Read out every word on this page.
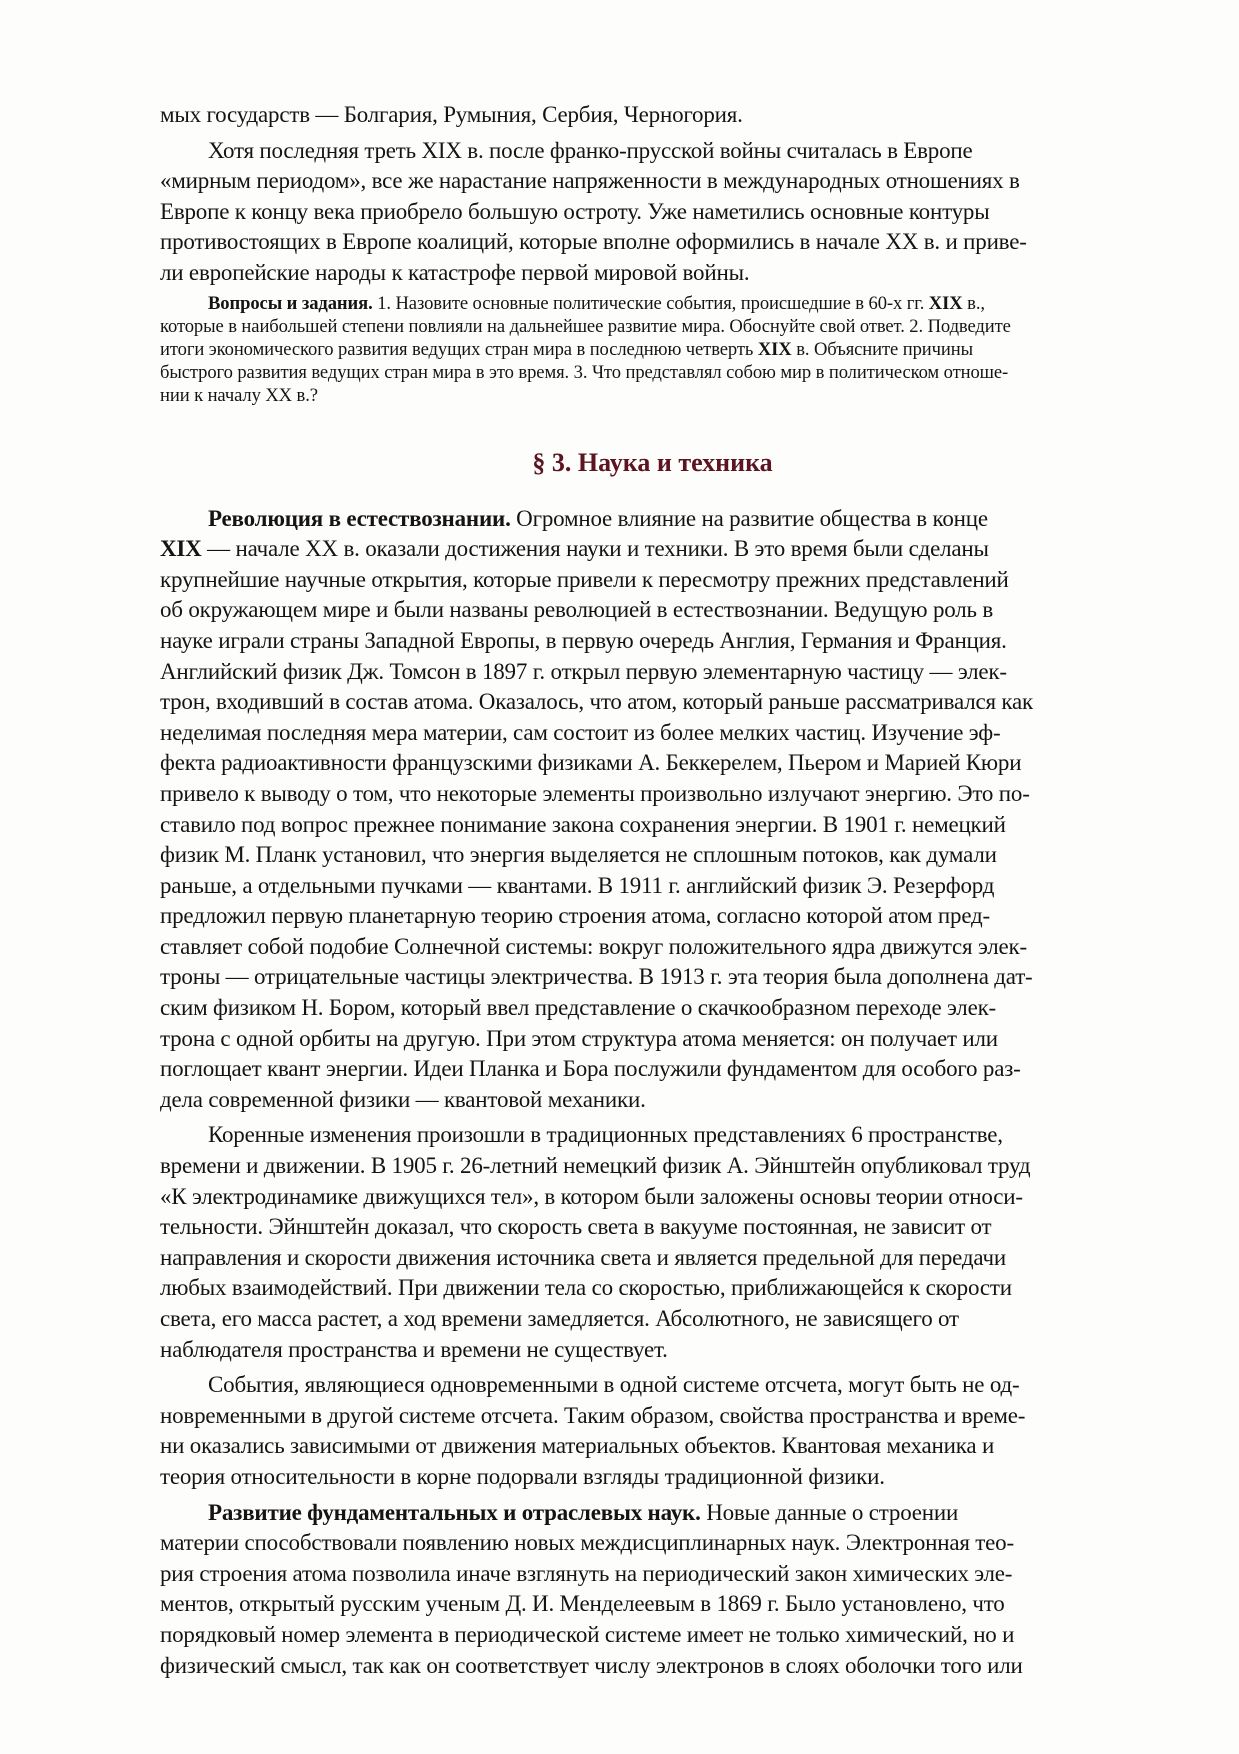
мых государств — Болгария, Румыния, Сербия, Черногория.
Хотя последняя треть XIX в. после франко-прусской войны считалась в Европе
«мирным периодом», все же нарастание напряженности в международных отношениях в
Европе к концу века приобрело большую остроту. Уже наметились основные контуры
противостоящих в Европе коалиций, которые вполне оформились в начале XX в. и приве-
ли европейские народы к катастрофе первой мировой войны.
Вопросы и задания. 1. Назовите основные политические события, происшедшие в 60-х гг. XIX в.,
которые в наибольшей степени повлияли на дальнейшее развитие мира. Обоснуйте свой ответ. 2. Подведите
итоги экономического развития ведущих стран мира в последнюю четверть XIX в. Объясните причины
быстрого развития ведущих стран мира в это время. 3. Что представлял собою мир в политическом отноше-
нии к началу XX в.?
§ 3. Наука и техника
Революция в естествознании. Огромное влияние на развитие общества в конце
XIX — начале XX в. оказали достижения науки и техники. В это время были сделаны
крупнейшие научные открытия, которые привели к пересмотру прежних представлений
об окружающем мире и были названы революцией в естествознании. Ведущую роль в
науке играли страны Западной Европы, в первую очередь Англия, Германия и Франция.
Английский физик Дж. Томсон в 1897 г. открыл первую элементарную частицу — элек-
трон, входивший в состав атома. Оказалось, что атом, который раньше рассматривался как
неделимая последняя мера материи, сам состоит из более мелких частиц. Изучение эф-
фекта радиоактивности французскими физиками А. Беккерелем, Пьером и Марией Кюри
привело к выводу о том, что некоторые элементы произвольно излучают энергию. Это по-
ставило под вопрос прежнее понимание закона сохранения энергии. В 1901 г. немецкий
физик М. Планк установил, что энергия выделяется не сплошным потоков, как думали
раньше, а отдельными пучками — квантами. В 1911 г. английский физик Э. Резерфорд
предложил первую планетарную теорию строения атома, согласно которой атом пред-
ставляет собой подобие Солнечной системы: вокруг положительного ядра движутся элек-
троны — отрицательные частицы электричества. В 1913 г. эта теория была дополнена дат-
ским физиком Н. Бором, который ввел представление о скачкообразном переходе элек-
трона с одной орбиты на другую. При этом структура атома меняется: он получает или
поглощает квант энергии. Идеи Планка и Бора послужили фундаментом для особого раз-
дела современной физики — квантовой механики.
Коренные изменения произошли в традиционных представлениях 6 пространстве,
времени и движении. В 1905 г. 26-летний немецкий физик А. Эйнштейн опубликовал труд
«К электродинамике движущихся тел», в котором были заложены основы теории относи-
тельности. Эйнштейн доказал, что скорость света в вакууме постоянная, не зависит от
направления и скорости движения источника света и является предельной для передачи
любых взаимодействий. При движении тела со скоростью, приближающейся к скорости
света, его масса растет, а ход времени замедляется. Абсолютного, не зависящего от
наблюдателя пространства и времени не существует.
События, являющиеся одновременными в одной системе отсчета, могут быть не од-
новременными в другой системе отсчета. Таким образом, свойства пространства и време-
ни оказались зависимыми от движения материальных объектов. Квантовая механика и
теория относительности в корне подорвали взгляды традиционной физики.
Развитие фундаментальных и отраслевых наук. Новые данные о строении
материи способствовали появлению новых междисциплинарных наук. Электронная тео-
рия строения атома позволила иначе взглянуть на периодический закон химических эле-
ментов, открытый русским ученым Д. И. Менделеевым в 1869 г. Было установлено, что
порядковый номер элемента в периодической системе имеет не только химический, но и
физический смысл, так как он соответствует числу электронов в слоях оболочки того или
